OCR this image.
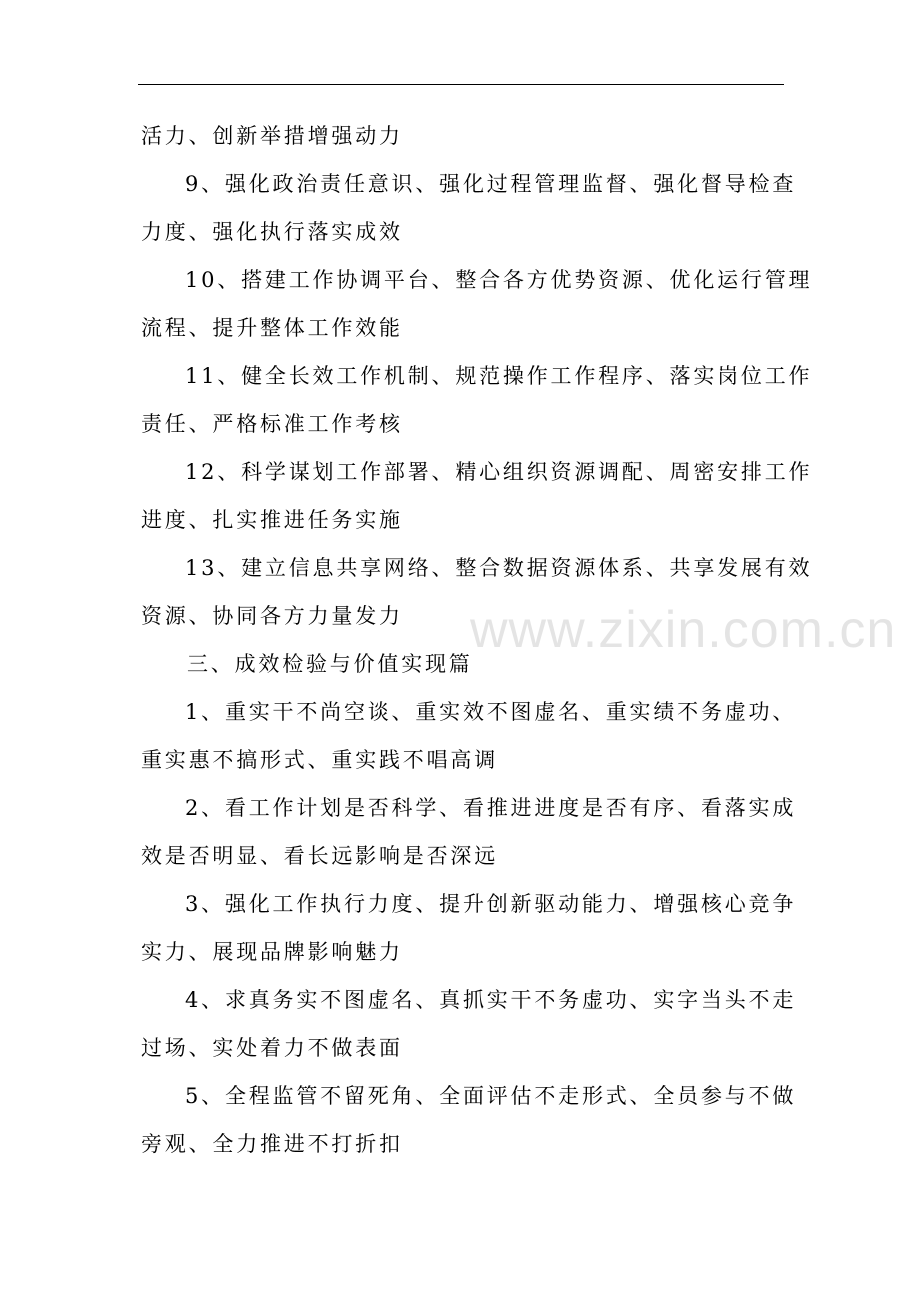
活力、创新举措增强动力
9、强化政治责任意识、强化过程管理监督、强化督导检查
力度、强化执行落实成效
10、搭建工作协调平台、整合各方优势资源、优化运行管理
流程、提升整体工作效能
11、健全长效工作机制、规范操作工作程序、落实岗位工作
责任、严格标准工作考核
12、科学谋划工作部署、精心组织资源调配、周密安排工作
进度、扎实推进任务实施
13、建立信息共享网络、整合数据资源体系、共享发展有效
资源、协同各方力量发力
三、成效检验与价值实现篇
1、重实干不尚空谈、重实效不图虚名、重实绩不务虚功、
重实惠不搞形式、重实践不唱高调
2、看工作计划是否科学、看推进进度是否有序、看落实成
效是否明显、看长远影响是否深远
3、强化工作执行力度、提升创新驱动能力、增强核心竞争
实力、展现品牌影响魅力
4、求真务实不图虚名、真抓实干不务虚功、实字当头不走
过场、实处着力不做表面
5、全程监管不留死角、全面评估不走形式、全员参与不做
旁观、全力推进不打折扣
www.zixin.com.cn
